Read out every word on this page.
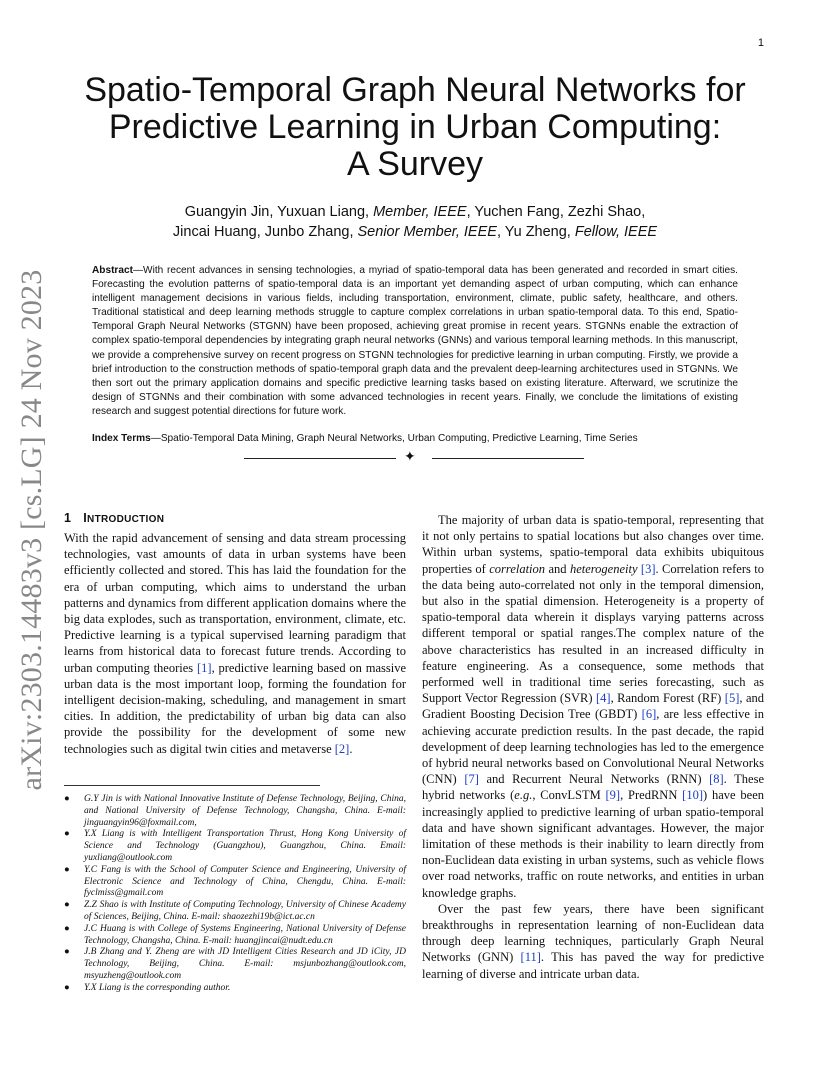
1
arXiv:2303.14483v3 [cs.LG] 24 Nov 2023
Spatio-Temporal Graph Neural Networks for
Predictive Learning in Urban Computing:
A Survey
Guangyin Jin, Yuxuan Liang, Member, IEEE, Yuchen Fang, Zezhi Shao,
Jincai Huang, Junbo Zhang, Senior Member, IEEE, Yu Zheng, Fellow, IEEE
Abstract—With recent advances in sensing technologies, a myriad of spatio-temporal data has been generated and recorded in smart cities. Forecasting the evolution patterns of spatio-temporal data is an important yet demanding aspect of urban computing, which can enhance intelligent management decisions in various fields, including transportation, environment, climate, public safety, healthcare, and others. Traditional statistical and deep learning methods struggle to capture complex correlations in urban spatio-temporal data. To this end, Spatio-Temporal Graph Neural Networks (STGNN) have been proposed, achieving great promise in recent years. STGNNs enable the extraction of complex spatio-temporal dependencies by integrating graph neural networks (GNNs) and various temporal learning methods. In this manuscript, we provide a comprehensive survey on recent progress on STGNN technologies for predictive learning in urban computing. Firstly, we provide a brief introduction to the construction methods of spatio-temporal graph data and the prevalent deep-learning architectures used in STGNNs. We then sort out the primary application domains and specific predictive learning tasks based on existing literature. Afterward, we scrutinize the design of STGNNs and their combination with some advanced technologies in recent years. Finally, we conclude the limitations of existing research and suggest potential directions for future work.
Index Terms—Spatio-Temporal Data Mining, Graph Neural Networks, Urban Computing, Predictive Learning, Time Series
✦
1 INTRODUCTION

With the rapid advancement of sensing and data stream processing technologies, vast amounts of data in urban systems have been efficiently collected and stored. This has laid the foundation for the era of urban computing, which aims to understand the urban patterns and dynamics from different application domains where the big data explodes, such as transportation, environment, climate, etc. Predictive learning is a typical supervised learning paradigm that learns from historical data to forecast future trends. According to urban computing theories [1], predictive learning based on massive urban data is the most important loop, forming the foundation for intelligent decision-making, scheduling, and management in smart cities. In addition, the predictability of urban big data can also provide the possibility for the development of some new technologies such as digital twin cities and metaverse [2].

● G.Y Jin is with National Innovative Institute of Defense Technology, Beijing, China, and National University of Defense Technology, Changsha, China. E-mail: jinguangyin96@foxmail.com,
● Y.X Liang is with Intelligent Transportation Thrust, Hong Kong University of Science and Technology (Guangzhou), Guangzhou, China. Email: yuxliang@outlook.com
● Y.C Fang is with the School of Computer Science and Engineering, University of Electronic Science and Technology of China, Chengdu, China. E-mail: fyclmiss@gmail.com
● Z.Z Shao is with Institute of Computing Technology, University of Chinese Academy of Sciences, Beijing, China. E-mail: shaozezhi19b@ict.ac.cn
● J.C Huang is with College of Systems Engineering, National University of Defense Technology, Changsha, China. E-mail: huangjincai@nudt.edu.cn
● J.B Zhang and Y. Zheng are with JD Intelligent Cities Research and JD iCity, JD Technology, Beijing, China. E-mail: msjunbozhang@outlook.com, msyuzheng@outlook.com
● Y.X Liang is the corresponding author.

The majority of urban data is spatio-temporal, representing that it not only pertains to spatial locations but also changes over time. Within urban systems, spatio-temporal data exhibits ubiquitous properties of correlation and heterogeneity [3]. Correlation refers to the data being auto-correlated not only in the temporal dimension, but also in the spatial dimension. Heterogeneity is a property of spatio-temporal data wherein it displays varying patterns across different temporal or spatial ranges.The complex nature of the above characteristics has resulted in an increased difficulty in feature engineering. As a consequence, some methods that performed well in traditional time series forecasting, such as Support Vector Regression (SVR) [4], Random Forest (RF) [5], and Gradient Boosting Decision Tree (GBDT) [6], are less effective in achieving accurate prediction results. In the past decade, the rapid development of deep learning technologies has led to the emergence of hybrid neural networks based on Convolutional Neural Networks (CNN) [7] and Recurrent Neural Networks (RNN) [8]. These hybrid networks (e.g., ConvLSTM [9], PredRNN [10]) have been increasingly applied to predictive learning of urban spatio-temporal data and have shown significant advantages. However, the major limitation of these methods is their inability to learn directly from non-Euclidean data existing in urban systems, such as vehicle flows over road networks, traffic on route networks, and entities in urban knowledge graphs.

Over the past few years, there have been significant breakthroughs in representation learning of non-Euclidean data through deep learning techniques, particularly Graph Neural Networks (GNN) [11]. This has paved the way for predictive learning of diverse and intricate urban data.
